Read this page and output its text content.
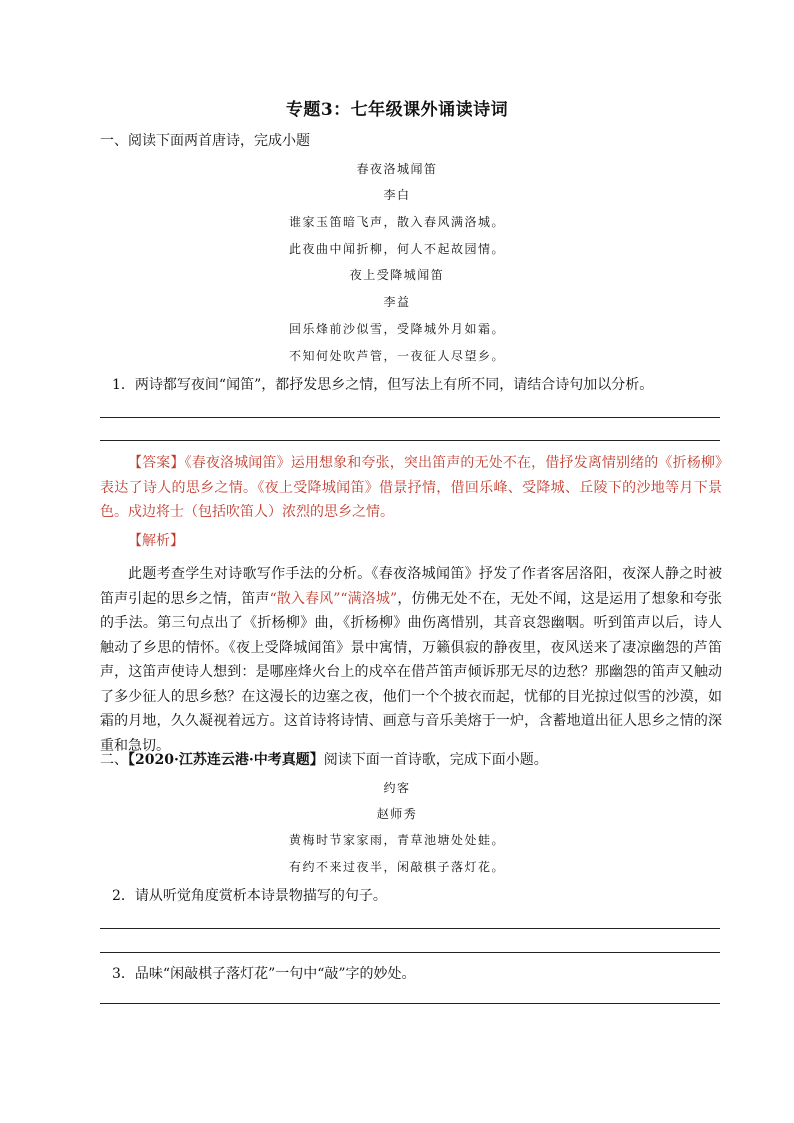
专题3：七年级课外诵读诗词
一、阅读下面两首唐诗，完成小题
春夜洛城闻笛
李白
谁家玉笛暗飞声，散入春风满洛城。
此夜曲中闻折柳，何人不起故园情。
夜上受降城闻笛
李益
回乐烽前沙似雪，受降城外月如霜。
不知何处吹芦管，一夜征人尽望乡。
1．两诗都写夜间“闻笛”，都抒发思乡之情，但写法上有所不同，请结合诗句加以分析。
【答案】《春夜洛城闻笛》运用想象和夸张，突出笛声的无处不在，借抒发离情别绪的《折杨柳》表达了诗人的思乡之情。《夜上受降城闻笛》借景抒情，借回乐峰、受降城、丘陵下的沙地等月下景色。戍边将士（包括吹笛人）浓烈的思乡之情。
【解析】
此题考查学生对诗歌写作手法的分析。《春夜洛城闻笛》抒发了作者客居洛阳，夜深人静之时被笛声引起的思乡之情，笛声“散入春风”“满洛城”，仿佛无处不在，无处不闻，这是运用了想象和夸张的手法。第三句点出了《折杨柳》曲，《折杨柳》曲伤离惜别，其音哀怨幽咽。听到笛声以后，诗人触动了乡思的情怀。《夜上受降城闻笛》景中寓情，万籁俱寂的静夜里，夜风送来了凄凉幽怨的芦笛声，这笛声使诗人想到：是哪座烽火台上的戍卒在借芦笛声倾诉那无尽的边愁？那幽怨的笛声又触动了多少征人的思乡愁？在这漫长的边塞之夜，他们一个个披衣而起，忧郁的目光掠过似雪的沙漠，如霜的月地，久久凝视着远方。这首诗将诗情、画意与音乐美熔于一炉，含蓄地道出征人思乡之情的深重和急切。
二、【2020·江苏连云港·中考真题】阅读下面一首诗歌，完成下面小题。
约客
赵师秀
黄梅时节家家雨，青草池塘处处蛙。
有约不来过夜半，闲敲棋子落灯花。
2．请从听觉角度赏析本诗景物描写的句子。
3．品味“闲敲棋子落灯花”一句中“敲”字的妙处。
